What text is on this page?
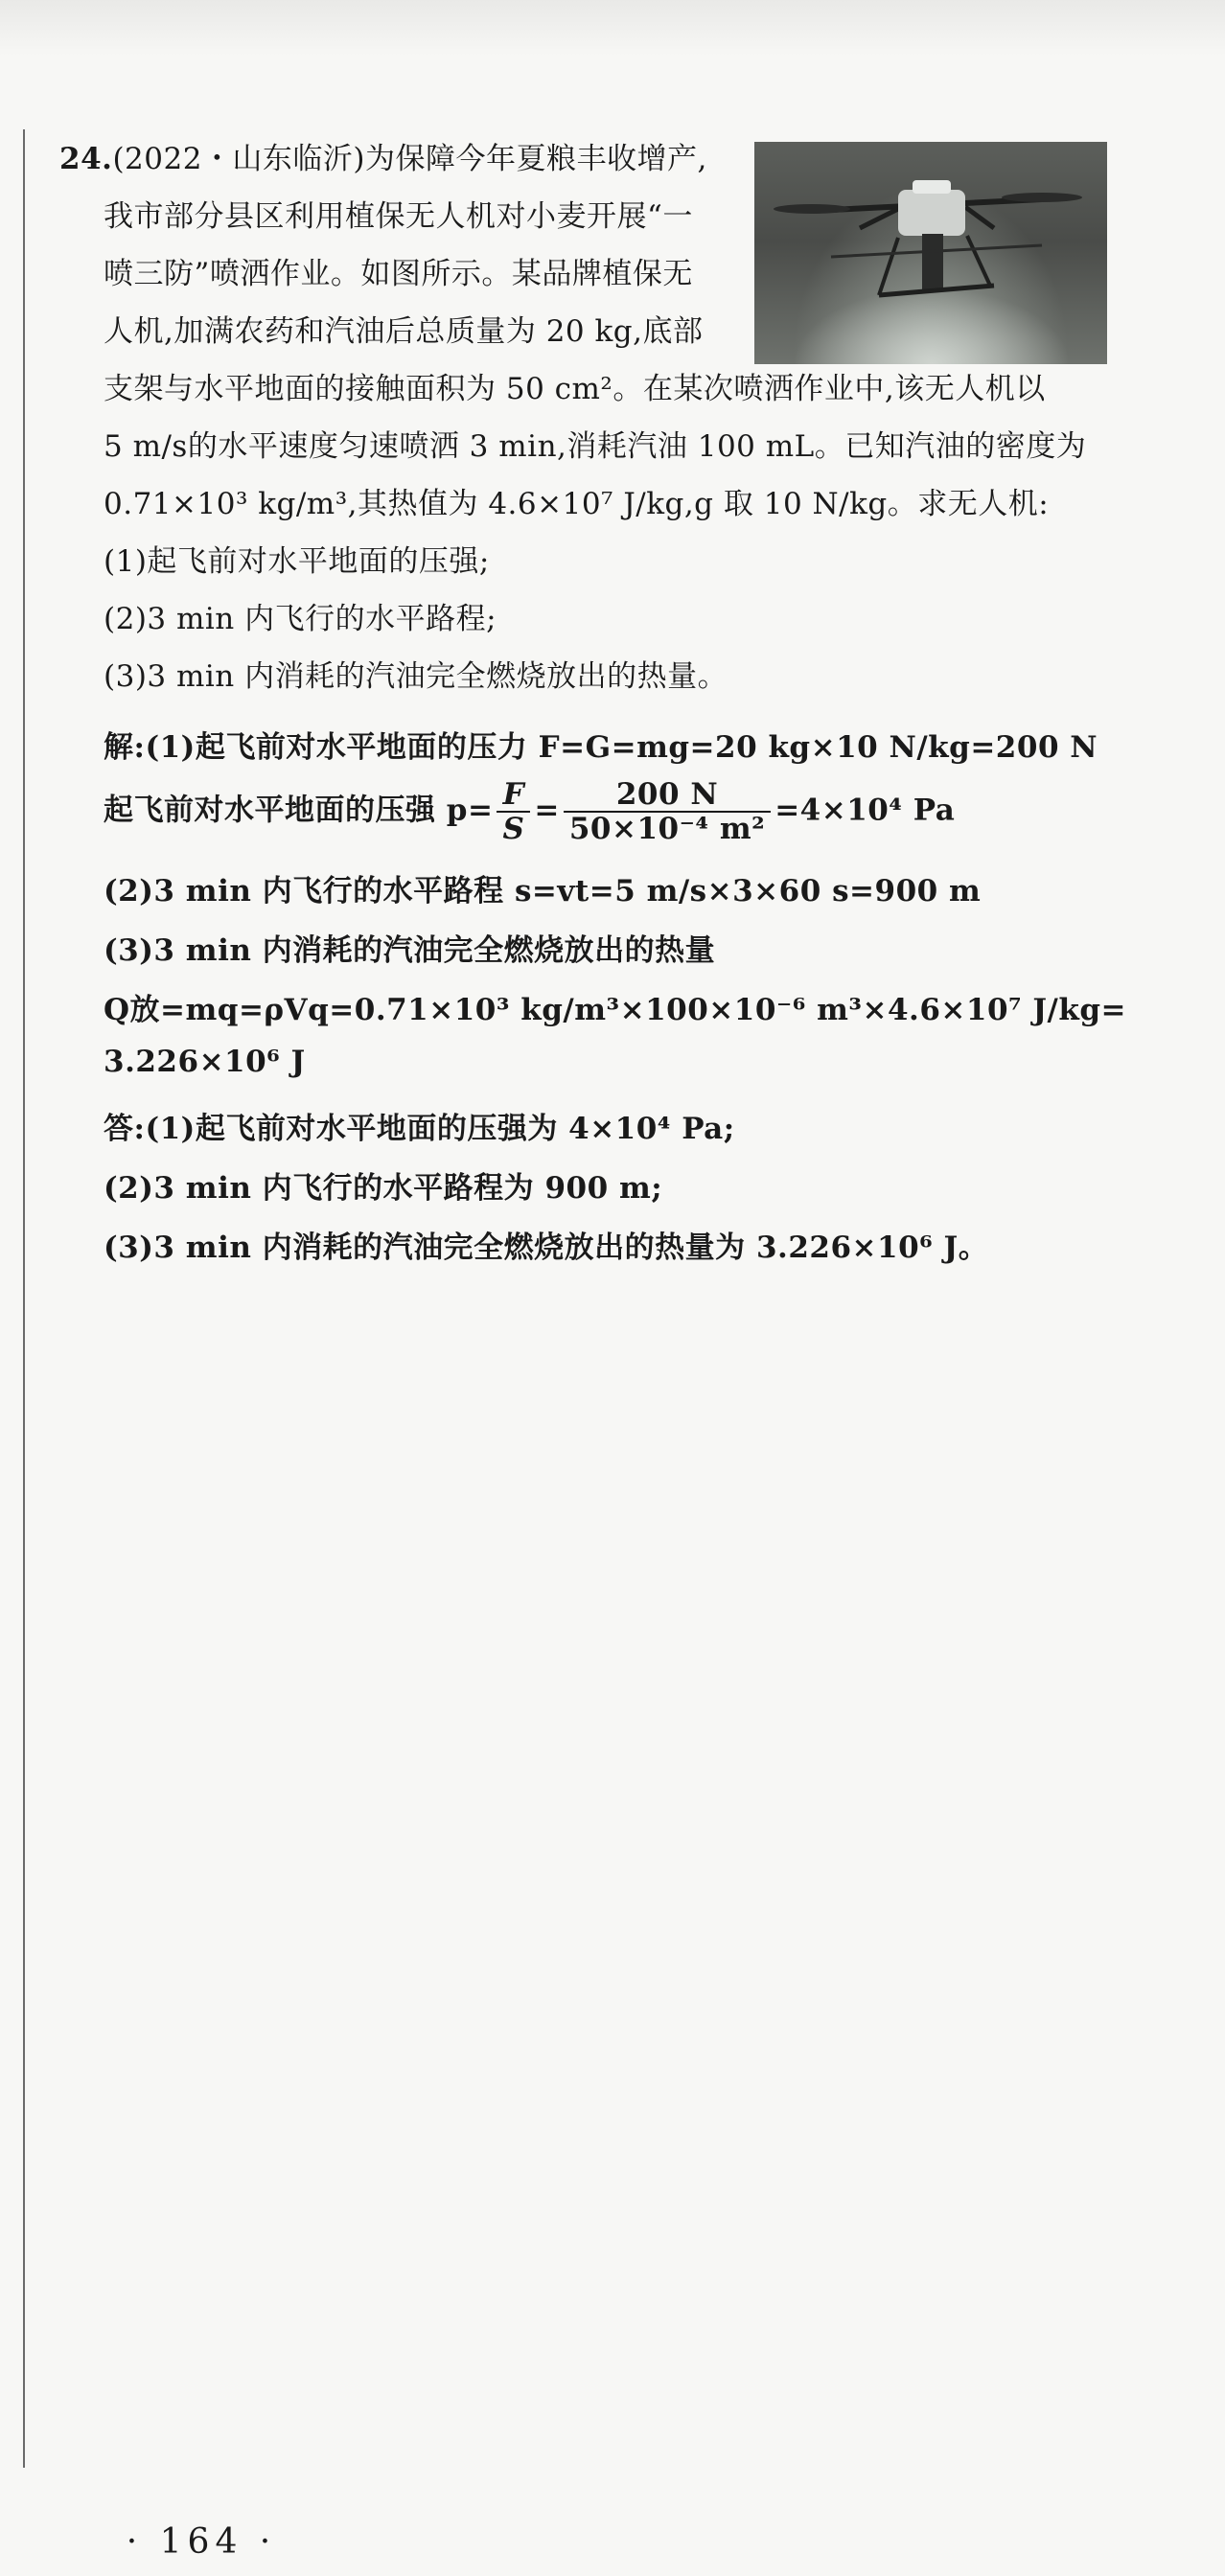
24.(2022・山东临沂)为保障今年夏粮丰收增产,
我市部分县区利用植保无人机对小麦开展“一
喷三防”喷洒作业。如图所示。某品牌植保无
人机,加满农药和汽油后总质量为 20 kg,底部
支架与水平地面的接触面积为 50 cm²。在某次喷洒作业中,该无人机以
5 m/s的水平速度匀速喷洒 3 min,消耗汽油 100 mL。已知汽油的密度为
0.71×10³ kg/m³,其热值为 4.6×10⁷ J/kg,g 取 10 N/kg。求无人机:
(1)起飞前对水平地面的压强;
(2)3 min 内飞行的水平路程;
(3)3 min 内消耗的汽油完全燃烧放出的热量。
解:(1)起飞前对水平地面的压力 F=G=mg=20 kg×10 N/kg=200 N
起飞前对水平地面的压强 $p= \frac{F}{S} = \frac{200 N}{\text{50×10⁻⁴ m²}} =4\times 10^4$ Pa
(2)3 min 内飞行的水平路程 s=vt=5 m/s×3×60 s=900 m
(3)3 min 内消耗的汽油完全燃烧放出的热量
Q放=mq=ρVq=0.71×10³ kg/m³×100×10⁻⁶ m³×4.6×10⁷ J/kg=
3.226×10⁶ J
答:(1)起飞前对水平地面的压强为 4×10⁴ Pa;
(2)3 min 内飞行的水平路程为 900 m;
(3)3 min 内消耗的汽油完全燃烧放出的热量为 3.226×10⁶ J。
· 164 ·
